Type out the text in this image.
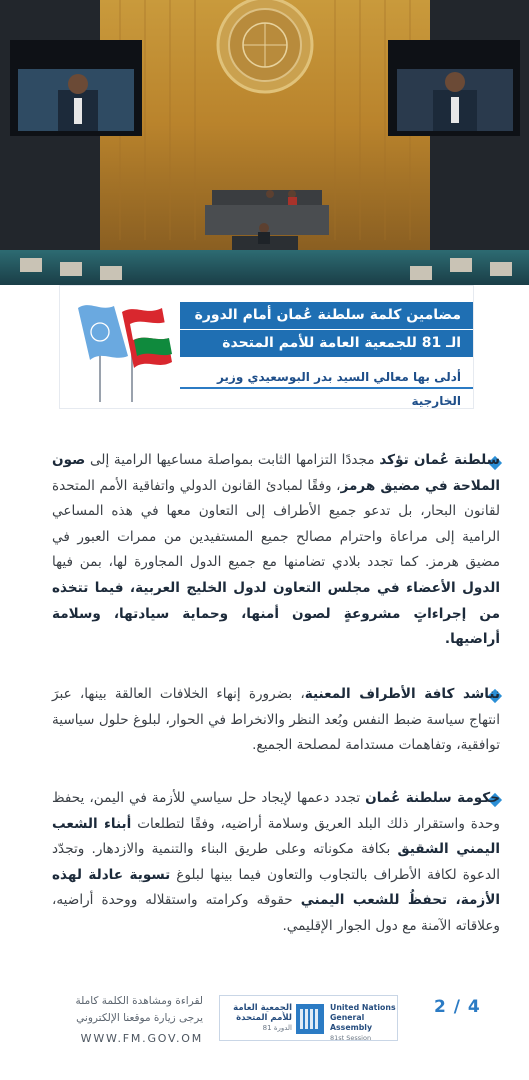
مضامين كلمة سلطنة عُمان أمام الدورة
الـ 81 للجمعية العامة للأمم المتحدة
أدلى بها معالي السيد بدر البوسعيدي وزير الخارجية
سلطنة عُمان تؤكد مجددًا التزامها الثابت بمواصلة مساعيها الرامية إلى صون الملاحة في مضيق هرمز، وفقًا لمبادئ القانون الدولي واتفاقية الأمم المتحدة لقانون البحار، بل تدعو جميع الأطراف إلى التعاون معها في هذه المساعي الرامية إلى مراعاة واحترام مصالح جميع المستفيدين من ممرات العبور في مضيق هرمز. كما تجدد بلادي تضامنها مع جميع الدول المجاورة لها، بمن فيها الدول الأعضاء في مجلس التعاون لدول الخليج العربية، فيما تتخذه من إجراءاتٍ مشروعةٍ لصون أمنها، وحماية سيادتها، وسلامة أراضيها.
نناشد كافة الأطراف المعنية، بضرورة إنهاء الخلافات العالقة بينها، عبرَ انتهاج سياسة ضبط النفس وبُعد النظر والانخراط في الحوار، لبلوغ حلول سياسية توافقية، وتفاهمات مستدامة لمصلحة الجميع.
حكومة سلطنة عُمان تجدد دعمها لإيجاد حل سياسي للأزمة في اليمن، يحفظ وحدة واستقرار ذلك البلد العريق وسلامة أراضيه، وفقًا لتطلعات أبناء الشعب اليمني الشقيق بكافة مكوناته وعلى طريق البناء والتنمية والازدهار. وتجدّد الدعوة لكافة الأطراف بالتجاوب والتعاون فيما بينها لبلوغ تسوية عادلة لهذه الأزمة، تحفظُ للشعب اليمني حقوقه وكرامته واستقلاله ووحدة أراضيه، وعلاقاته الآمنة مع دول الجوار الإقليمي.
لقراءة ومشاهدة الكلمة كاملة
يرجى زيارة موقعنا الإلكتروني
WWW.FM.GOV.OM
الجمعية العامة
للأمم المتحدة
الدورة 81
United Nations
General Assembly
81st Session
2 / 4
